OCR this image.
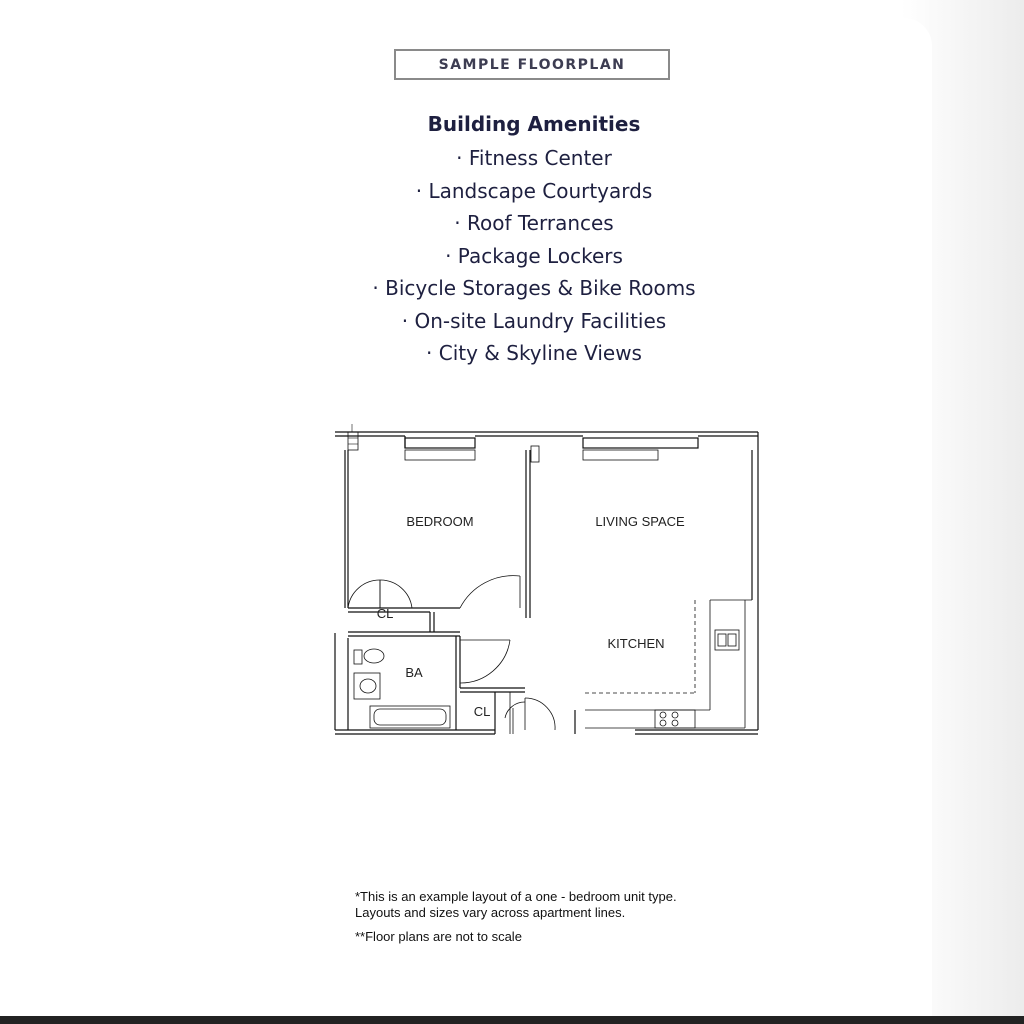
SAMPLE FLOORPLAN
Building Amenities
· Fitness Center
· Landscape Courtyards
· Roof Terrances
· Package Lockers
· Bicycle Storages & Bike Rooms
· On-site Laundry Facilities
· City & Skyline Views
BEDROOM	LIVING SPACE
KITCHEN
CL
BA
CL

*This is an example layout of a one - bedroom unit type.

Layouts and sizes vary across apartment lines.

**Floor plans are not to scale
